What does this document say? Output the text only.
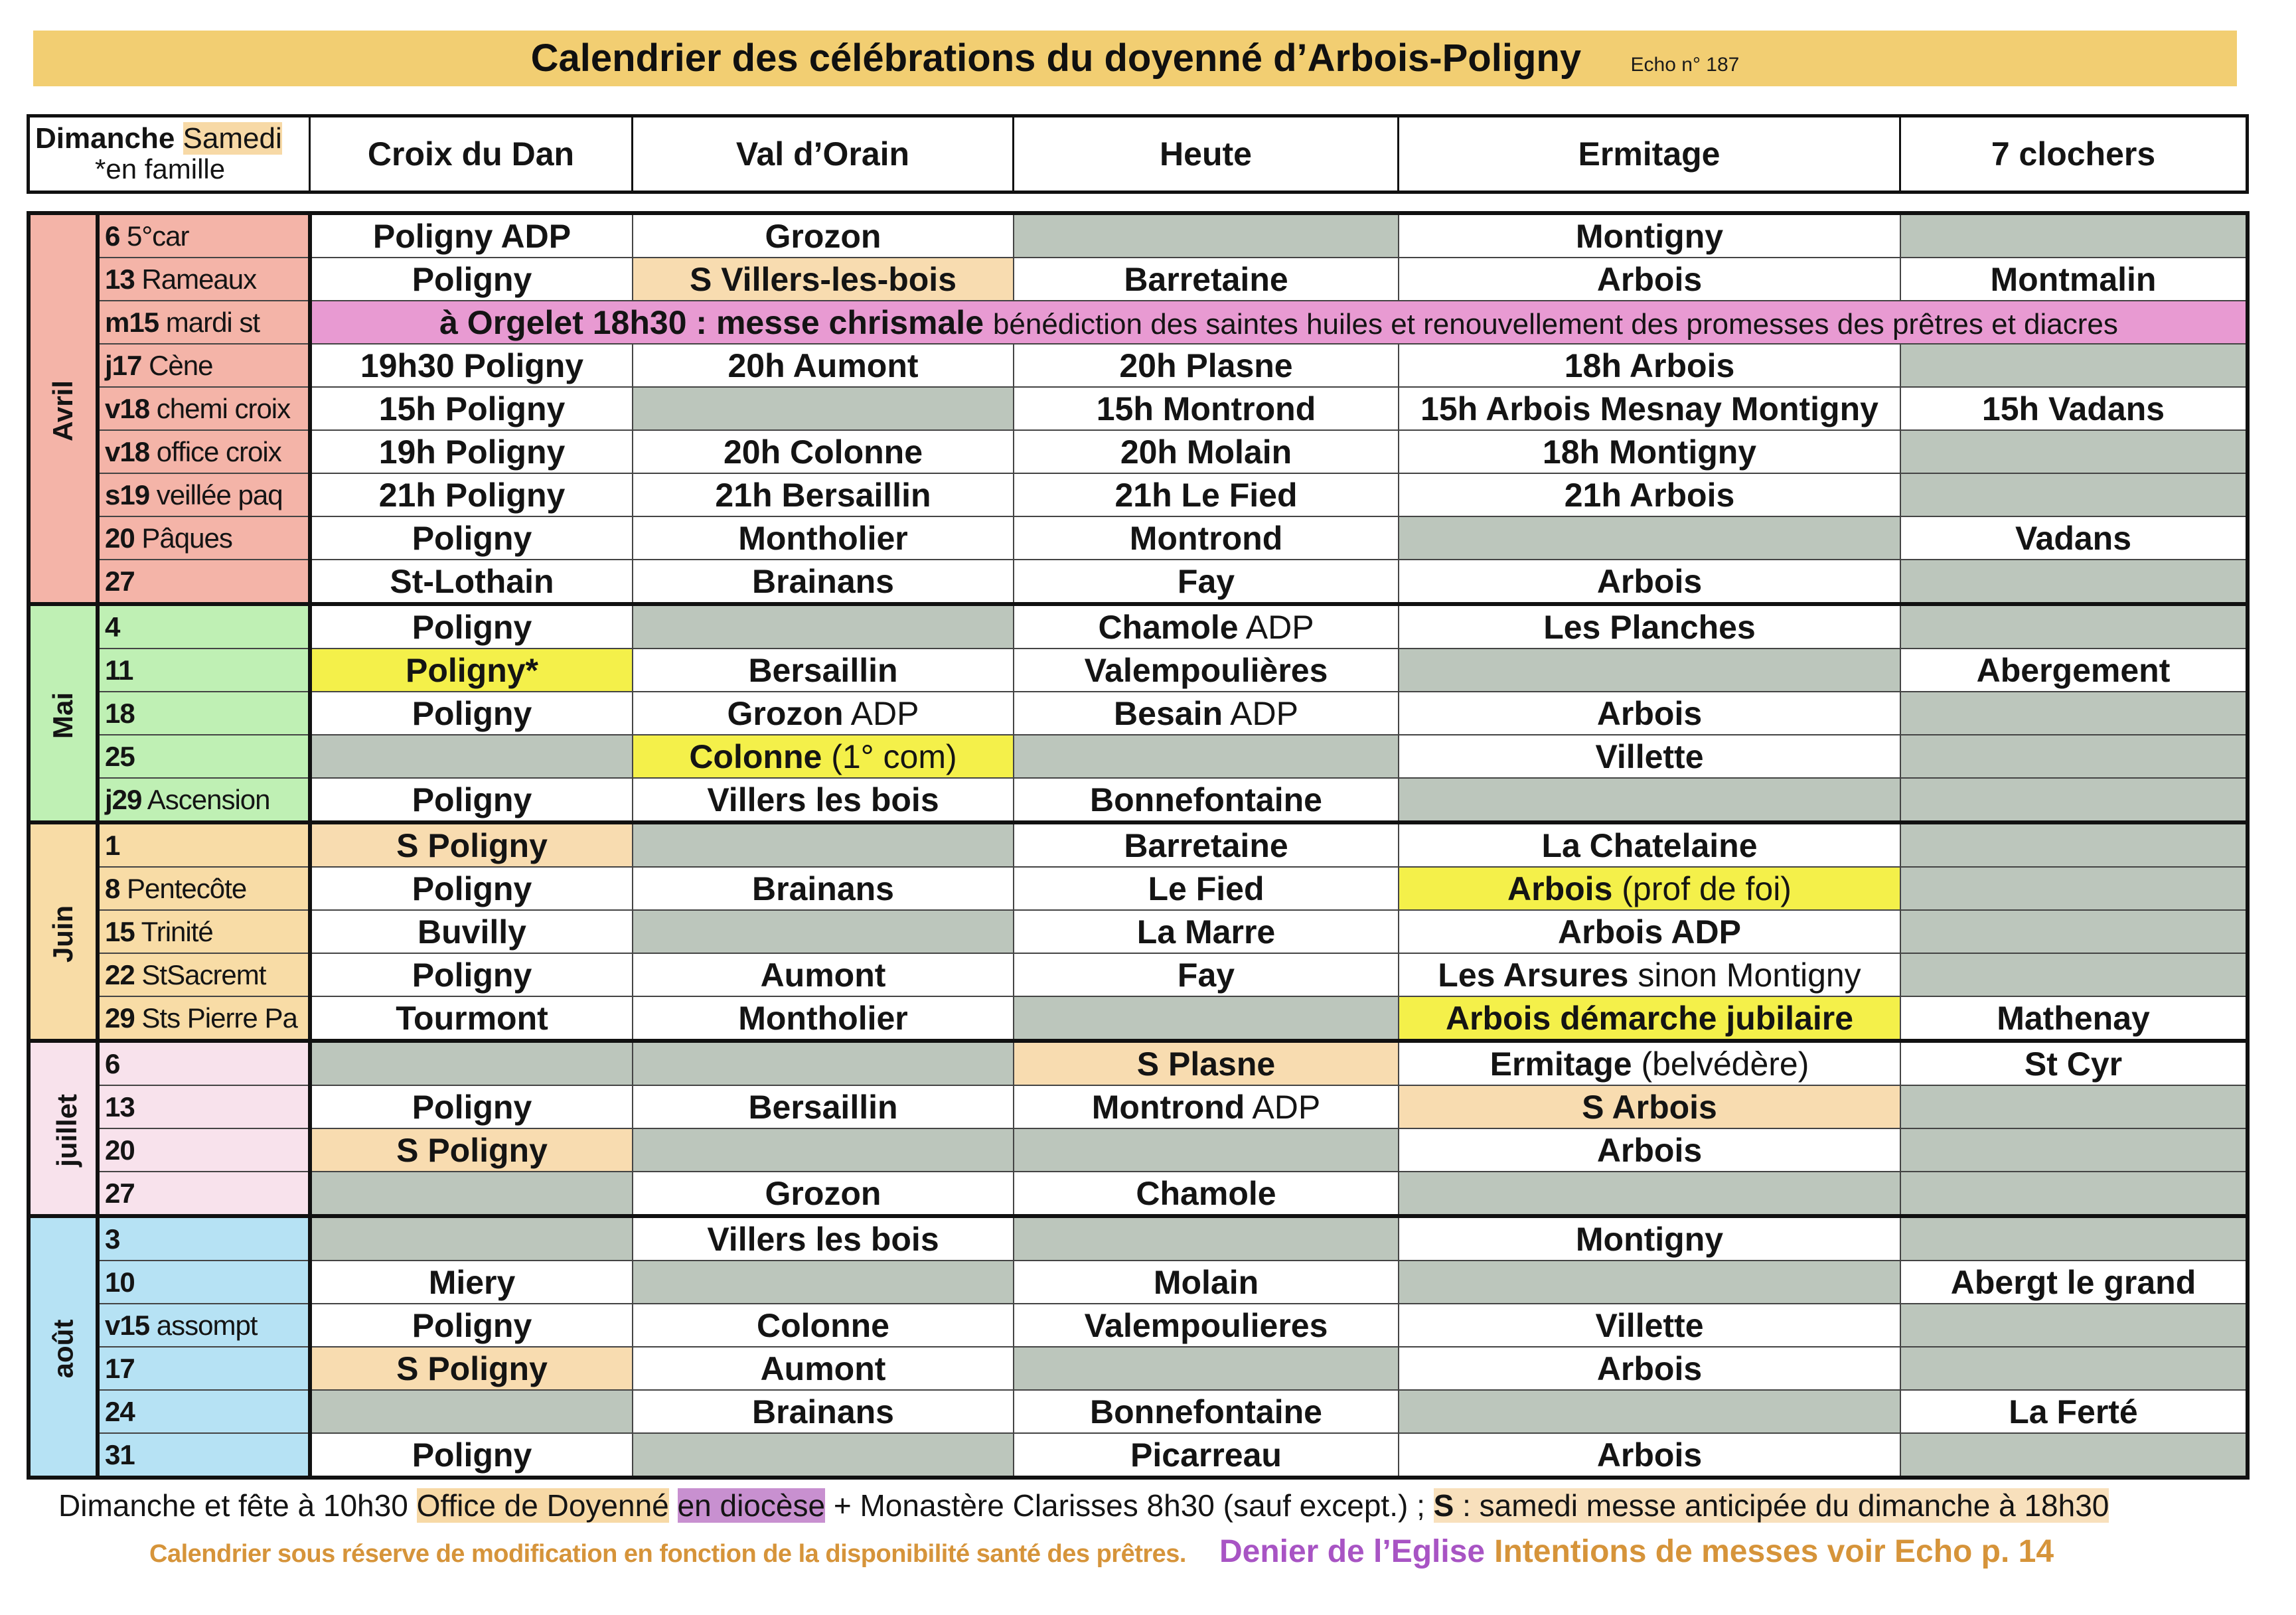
Calendrier des célébrations du doyenné d’Arbois-Poligny Echo n° 187
Dimanche Samedi
*en famille	Croix du Dan	Val d’Orain	Heute	Ermitage	7 clochers
Avril	6 5°car	Poligny ADP	Grozon		Montigny	
	13 Rameaux	Poligny	S Villers-les-bois	Barretaine	Arbois	Montmalin
	m15 mardi st	à Orgelet 18h30 : messe chrismale bénédiction des saintes huiles et renouvellement des promesses des prêtres et diacres				
	j17 Cène	19h30 Poligny	20h Aumont	20h Plasne	18h Arbois	
	v18 chemi croix	15h Poligny		15h Montrond	15h Arbois Mesnay Montigny	15h Vadans
	v18 office croix	19h Poligny	20h Colonne	20h Molain	18h Montigny	
	s19 veillée paq	21h Poligny	21h Bersaillin	21h Le Fied	21h Arbois	
	20 Pâques	Poligny	Montholier	Montrond		Vadans
	27	St-Lothain	Brainans	Fay	Arbois	
Mai	4	Poligny		Chamole ADP	Les Planches	
	11	Poligny*	Bersaillin	Valempoulières		Abergement
	18	Poligny	Grozon ADP	Besain ADP	Arbois	
	25		Colonne (1° com)		Villette	
	j29 Ascension	Poligny	Villers les bois	Bonnefontaine		
Juin	1	S Poligny		Barretaine	La Chatelaine	
	8 Pentecôte	Poligny	Brainans	Le Fied	Arbois (prof de foi)	
	15 Trinité	Buvilly		La Marre	Arbois ADP	
	22 StSacremt	Poligny	Aumont	Fay	Les Arsures sinon Montigny	
	29 Sts Pierre Pa	Tourmont	Montholier		Arbois démarche jubilaire	Mathenay
juillet	6			S Plasne	Ermitage (belvédère)	St Cyr
	13	Poligny	Bersaillin	Montrond ADP	S Arbois	
	20	S Poligny			Arbois	
	27		Grozon	Chamole		
août	3		Villers les bois		Montigny	
	10	Miery		Molain		Abergt le grand
	v15 assompt	Poligny	Colonne	Valempoulieres	Villette	
	17	S Poligny	Aumont		Arbois	
	24		Brainans	Bonnefontaine		La Ferté
	31	Poligny		Picarreau	Arbois	
Dimanche et fête à 10h30 Office de Doyenné en diocèse + Monastère Clarisses 8h30 (sauf except.) ; S : samedi messe anticipée du dimanche à 18h30
Calendrier sous réserve de modification en fonction de la disponibilité santé des prêtres. Denier de l’Eglise Intentions de messes voir Echo p. 14
